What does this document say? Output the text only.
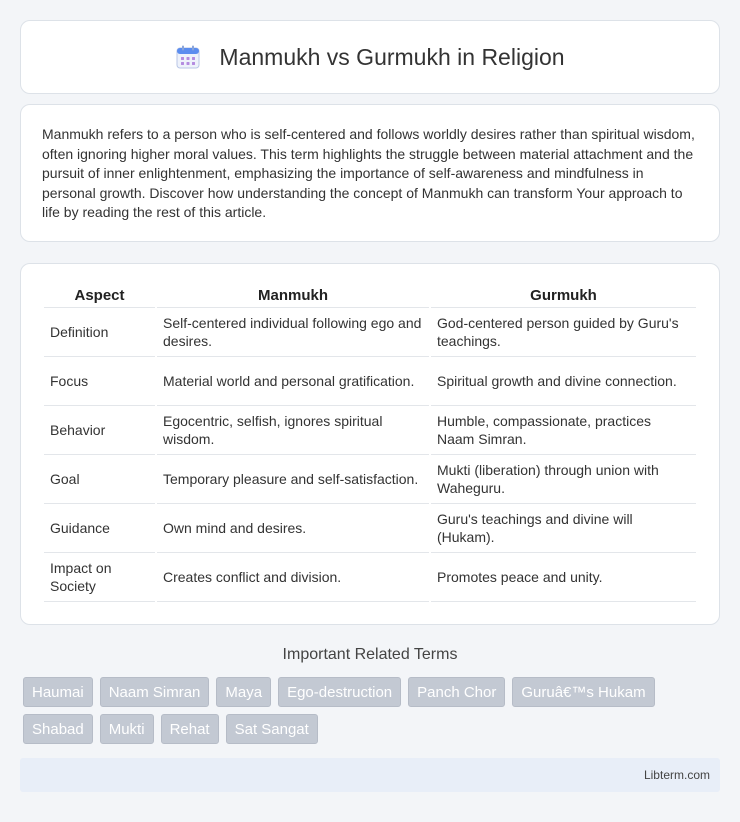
Manmukh vs Gurmukh in Religion

Manmukh refers to a person who is self-centered and follows worldly desires rather than spiritual wisdom, often ignoring higher moral values. This term highlights the struggle between material attachment and the pursuit of inner enlightenment, emphasizing the importance of self-awareness and mindfulness in personal growth. Discover how understanding the concept of Manmukh can transform Your approach to life by reading the rest of this article.

Aspect	Manmukh	Gurmukh
Definition	Self-centered individual following ego and desires.	God-centered person guided by Guru's teachings.
Focus	Material world and personal gratification.	Spiritual growth and divine connection.
Behavior	Egocentric, selfish, ignores spiritual wisdom.	Humble, compassionate, practices Naam Simran.
Goal	Temporary pleasure and self-satisfaction.	Mukti (liberation) through union with Waheguru.
Guidance	Own mind and desires.	Guru's teachings and divine will (Hukam).
Impact on Society	Creates conflict and division.	Promotes peace and unity.
Important Related Terms
Haumai	Naam Simran	Maya	Ego-destruction	Panch Chor	Guruâ€™s Hukam
Shabad	Mukti	Rehat	Sat Sangat
Libterm.com
